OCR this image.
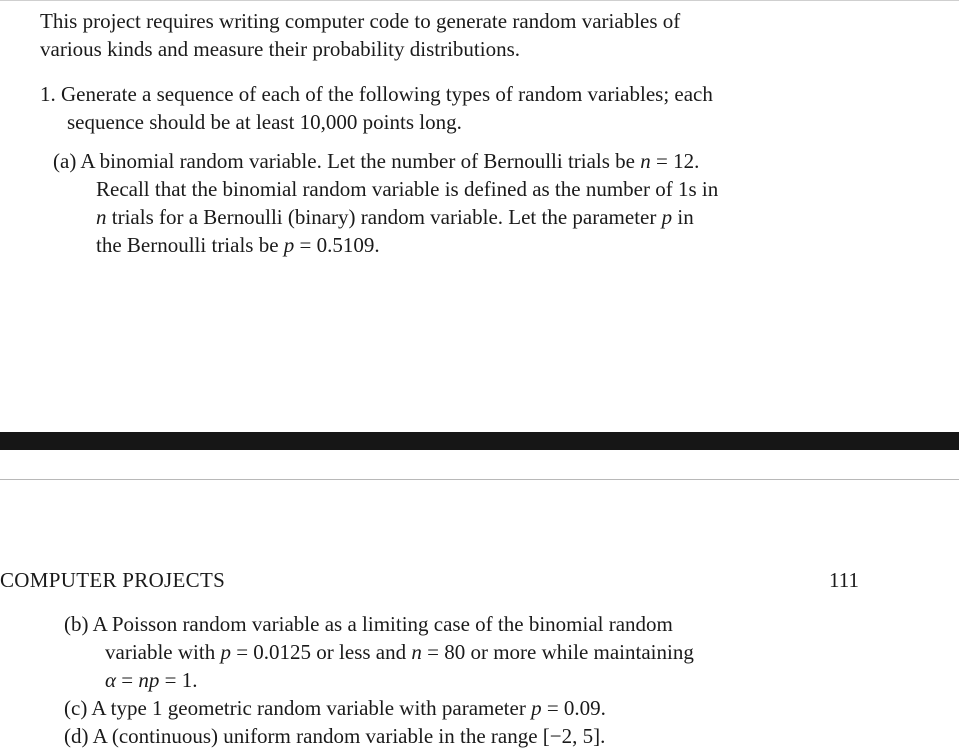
This project requires writing computer code to generate random variables of
various kinds and measure their probability distributions.
1. Generate a sequence of each of the following types of random variables; each
sequence should be at least 10,000 points long.
(a) A binomial random variable. Let the number of Bernoulli trials be n = 12.
Recall that the binomial random variable is defined as the number of 1s in
n trials for a Bernoulli (binary) random variable. Let the parameter p in
the Bernoulli trials be p = 0.5109.
COMPUTER PROJECTS	111
(b) A Poisson random variable as a limiting case of the binomial random
variable with p = 0.0125 or less and n = 80 or more while maintaining
α = np = 1.
(c) A type 1 geometric random variable with parameter p = 0.09.
(d) A (continuous) uniform random variable in the range [−2, 5].
